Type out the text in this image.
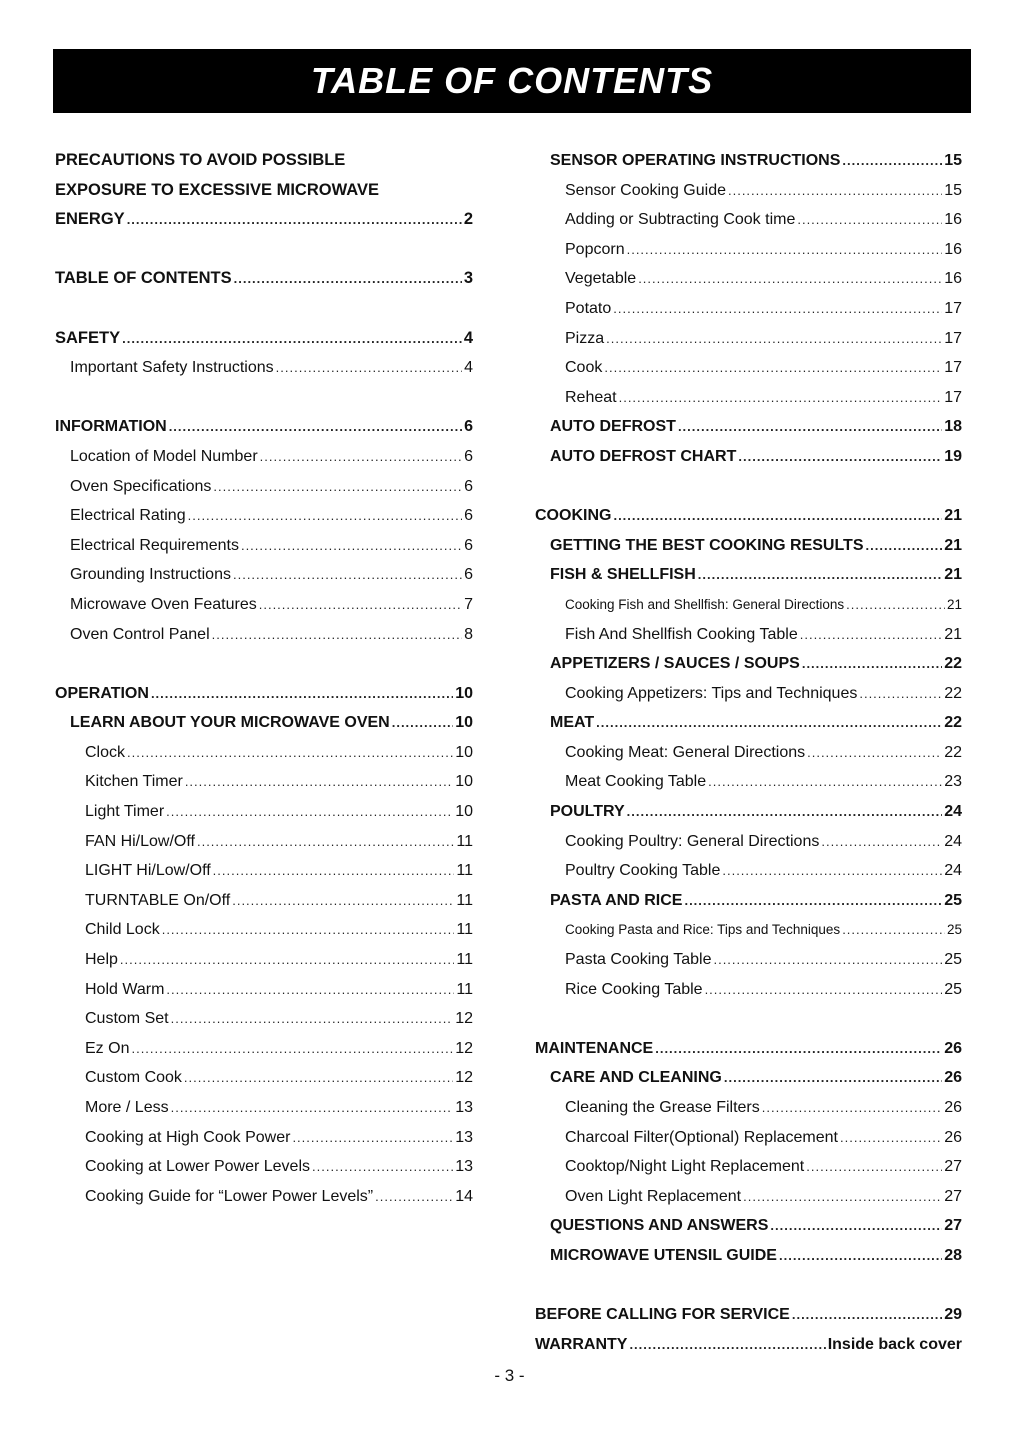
TABLE OF CONTENTS
PRECAUTIONS TO AVOID POSSIBLE
EXPOSURE TO EXCESSIVE MICROWAVE
ENERGY .....	2
TABLE OF CONTENTS .....	3
SAFETY .....	4
Important Safety Instructions .....	4
INFORMATION .....	6
Location of Model Number .....	6
Oven Specifications .....	6
Electrical Rating .....	6
Electrical Requirements .....	6
Grounding Instructions .....	6
Microwave Oven Features .....	7
Oven Control Panel .....	8
OPERATION .....	10
LEARN ABOUT YOUR MICROWAVE OVEN .....	10
Clock .....	10
Kitchen Timer .....	10
Light Timer .....	10
FAN Hi/Low/Off .....	11
LIGHT Hi/Low/Off .....	11
TURNTABLE On/Off .....	11
Child Lock .....	11
Help .....	11
Hold Warm .....	11
Custom Set .....	12
Ez On .....	12
Custom Cook .....	12
More / Less .....	13
Cooking at High Cook Power .....	13
Cooking at Lower Power Levels .....	13
Cooking Guide for “Lower Power Levels” .....	14
SENSOR OPERATING INSTRUCTIONS .....	15
Sensor Cooking Guide .....	15
Adding or Subtracting Cook time .....	16
Popcorn .....	16
Vegetable .....	16
Potato .....	17
Pizza .....	17
Cook .....	17
Reheat .....	17
AUTO DEFROST .....	18
AUTO DEFROST CHART .....	19
COOKING .....	21
GETTING THE BEST COOKING RESULTS .....	21
FISH & SHELLFISH .....	21
Cooking Fish and Shellfish: General Directions .....	21
Fish And Shellfish Cooking Table .....	21
APPETIZERS / SAUCES / SOUPS .....	22
Cooking Appetizers: Tips and Techniques .....	22
MEAT .....	22
Cooking Meat: General Directions .....	22
Meat Cooking Table .....	23
POULTRY .....	24
Cooking Poultry: General Directions .....	24
Poultry Cooking Table .....	24
PASTA AND RICE .....	25
Cooking Pasta and Rice: Tips and Techniques .....	25
Pasta Cooking Table .....	25
Rice Cooking Table .....	25
MAINTENANCE .....	26
CARE AND CLEANING .....	26
Cleaning the Grease Filters .....	26
Charcoal Filter(Optional) Replacement .....	26
Cooktop/Night Light Replacement .....	27
Oven Light Replacement .....	27
QUESTIONS AND ANSWERS .....	27
MICROWAVE UTENSIL GUIDE .....	28
BEFORE CALLING FOR SERVICE .....	29
WARRANTY .....	Inside back cover
- 3 -
